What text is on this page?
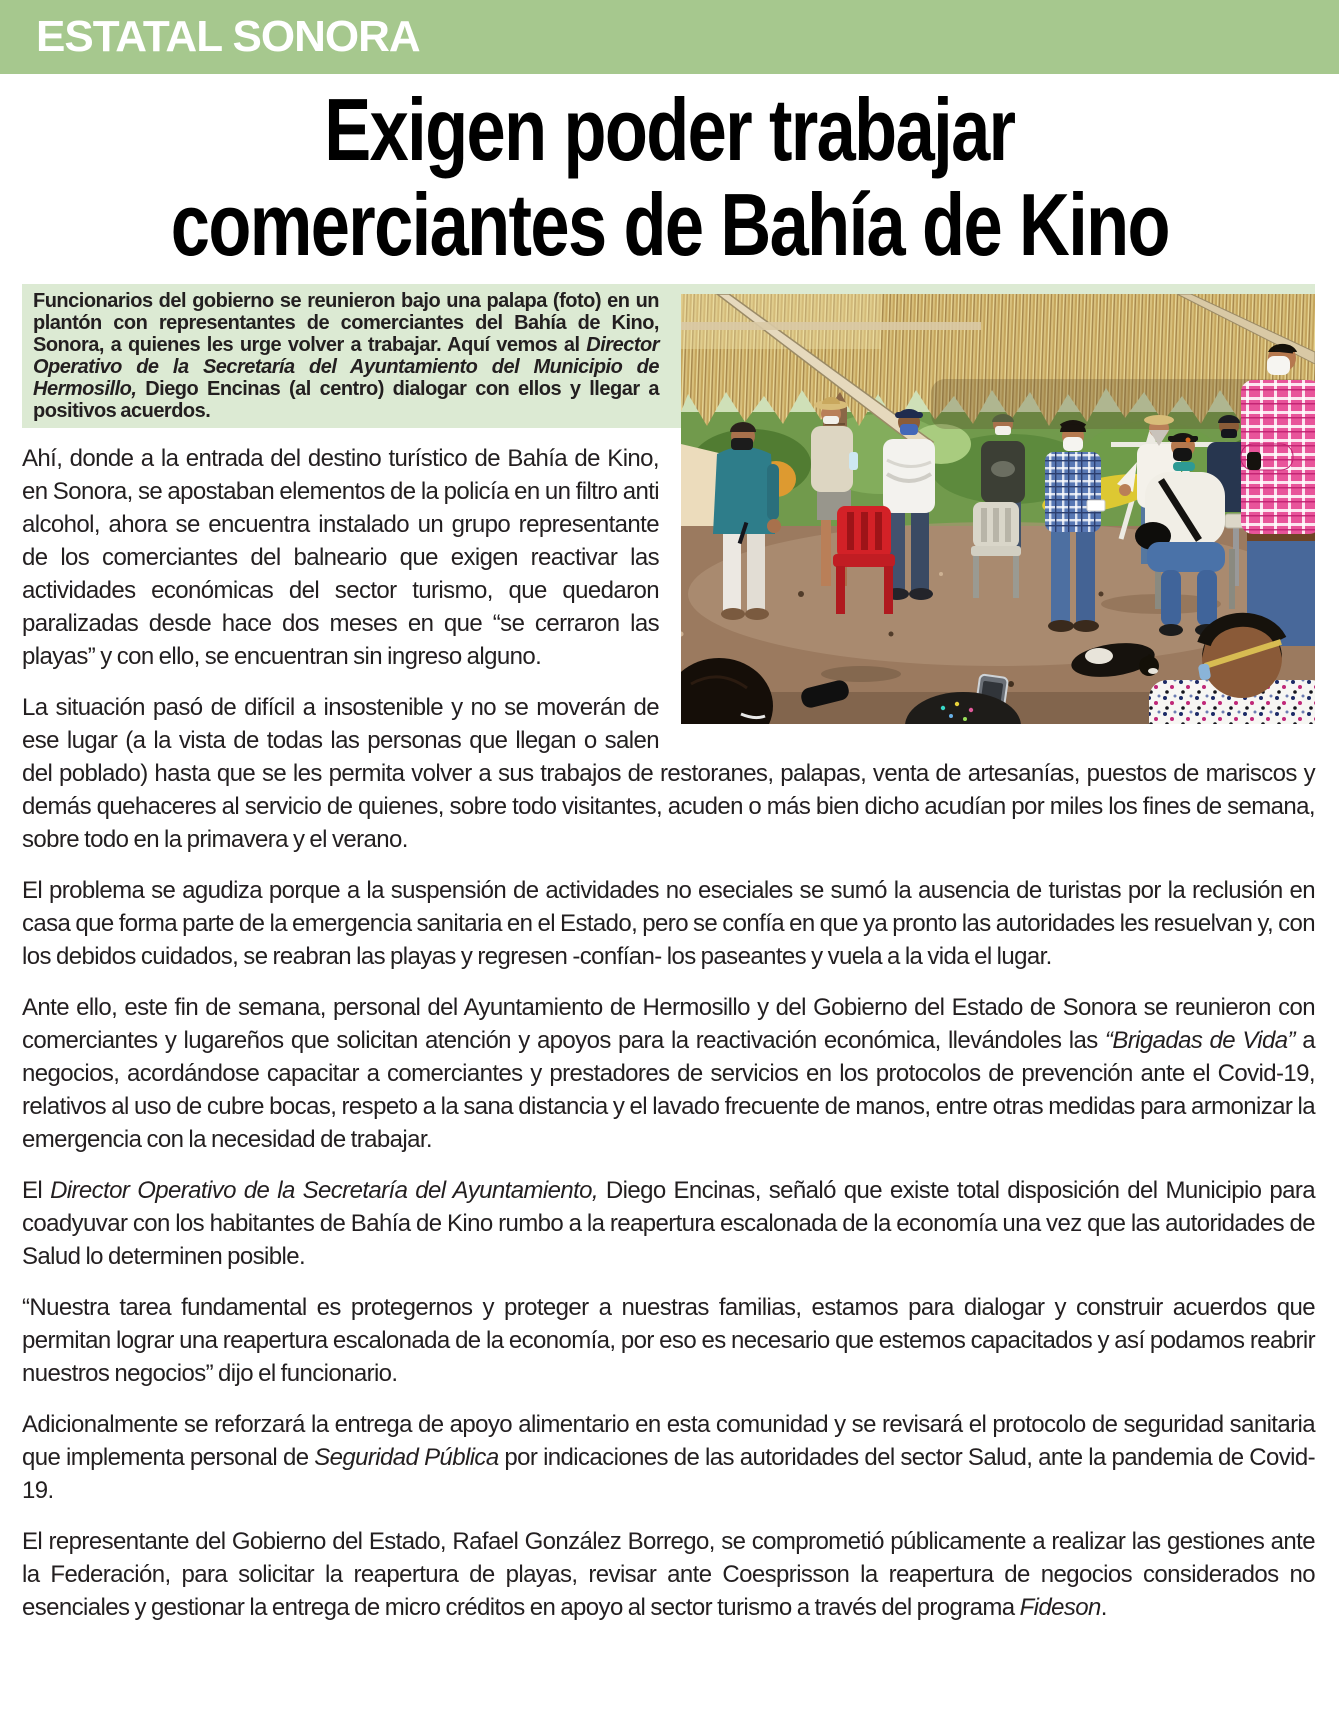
ESTATAL SONORA
Exigen poder trabajar
comerciantes de Bahía de Kino
Funcionarios del gobierno se reunieron bajo una palapa (foto) en un plantón con representantes de comerciantes del Bahía de Kino, Sonora, a quienes les urge volver a trabajar. Aquí vemos al Director Operativo de la Secretaría del Ayuntamiento del Municipio de Hermosillo, Diego Encinas (al centro) dialogar con ellos y llegar a positivos acuerdos.

Ahí, donde a la entrada del destino turístico de Bahía de Kino, en Sonora, se apostaban elementos de la policía en un filtro anti alcohol, ahora se encuentra instalado un grupo representante de los comerciantes del balneario que exigen reactivar las actividades económicas del sector turismo, que quedaron paralizadas desde hace dos meses en que “se cerraron las playas” y con ello, se encuentran sin ingreso alguno.

La situación pasó de difícil a insostenible y no se moverán de ese lugar (a la vista de todas las personas que llegan o salen del poblado) hasta que se les permita volver a sus trabajos de restoranes, palapas, venta de artesanías, puestos de mariscos y demás quehaceres al servicio de quienes, sobre todo visitantes, acuden o más bien dicho acudían por miles los fines de semana, sobre todo en la primavera y el verano.

El problema se agudiza porque a la suspensión de actividades no eseciales se sumó la ausencia de turistas por la reclusión en casa que forma parte de la emergencia sanitaria en el Estado, pero se confía en que ya pronto las autoridades les resuelvan y, con los debidos cuidados, se reabran las playas y regresen -confían- los paseantes y vuela a la vida el lugar.

Ante ello, este fin de semana, personal del Ayuntamiento de Hermosillo y del Gobierno del Estado de Sonora se reunieron con comerciantes y lugareños que solicitan atención y apoyos para la reactivación económica, llevándoles las “Brigadas de Vida” a negocios, acordándose capacitar a comerciantes y prestadores de servicios en los protocolos de prevención ante el Covid-19, relativos al uso de cubre bocas, respeto a la sana distancia y el lavado frecuente de manos, entre otras medidas para armonizar la emergencia con la necesidad de trabajar.

El Director Operativo de la Secretaría del Ayuntamiento, Diego Encinas, señaló que existe total disposición del Municipio para coadyuvar con los habitantes de Bahía de Kino rumbo a la reapertura escalonada de la economía una vez que las autoridades de Salud lo determinen posible.

“Nuestra tarea fundamental es protegernos y proteger a nuestras familias, estamos para dialogar y construir acuerdos que permitan lograr una reapertura escalonada de la economía, por eso es necesario que estemos capacitados y así podamos reabrir nuestros negocios” dijo el funcionario.

Adicionalmente se reforzará la entrega de apoyo alimentario en esta comunidad y se revisará el protocolo de seguridad sanitaria que implementa personal de Seguridad Pública por indicaciones de las autoridades del sector Salud, ante la pandemia de Covid-19.

El representante del Gobierno del Estado, Rafael González Borrego, se comprometió públicamente a realizar las gestiones ante la Federación, para solicitar la reapertura de playas, revisar ante Coesprisson la reapertura de negocios considerados no esenciales y gestionar la entrega de micro créditos en apoyo al sector turismo a través del programa Fideson.
